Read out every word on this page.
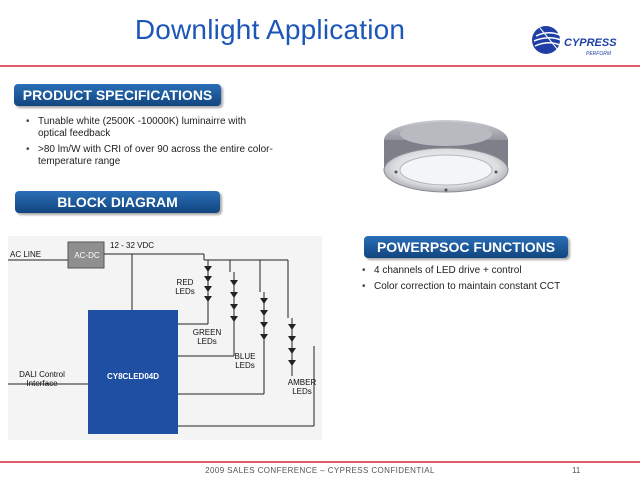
Downlight Application	CYPRESS
PERFORM
PRODUCT SPECIFICATIONS
• Tunable white (2500K -10000K) luminairre with optical feedback
• >80 lm/W with CRI of over 90 across the entire color-temperature range
BLOCK DIAGRAM
AC LINE	AC-DC
12 - 32 VDC
DALI Control Interface
CY8CLED04D
RED LEDs
GREEN LEDs
BLUE LEDs
AMBER LEDs
POWERPSOC FUNCTIONS
• 4 channels of LED drive + control
• Color correction to maintain constant CCT
2009 SALES CONFERENCE – CYPRESS CONFIDENTIAL	11
